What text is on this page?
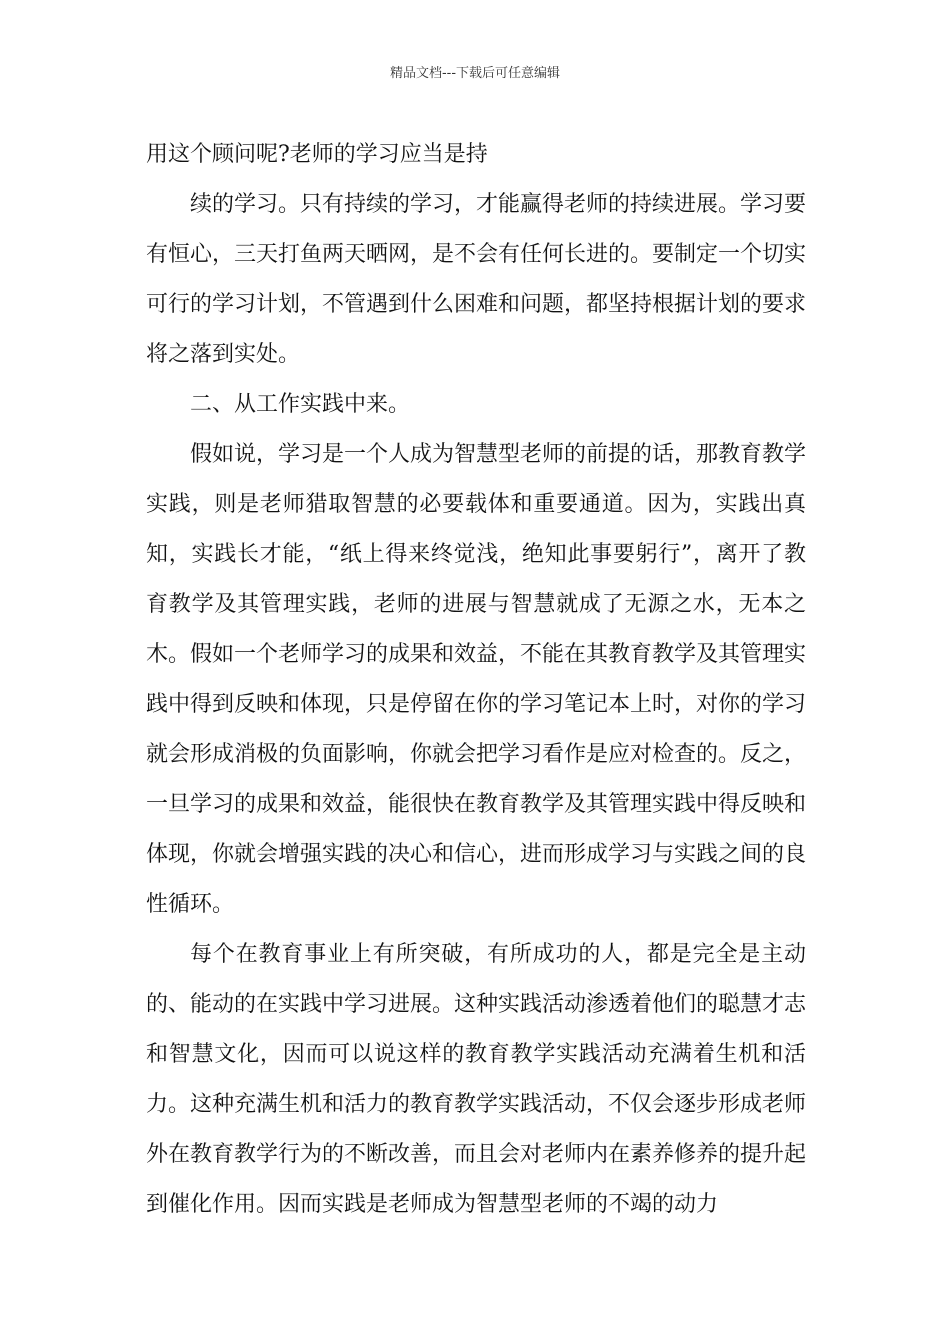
精品文档---下载后可任意编辑

用这个顾问呢?老师的学习应当是持

续的学习。只有持续的学习，才能赢得老师的持续进展。学习要有恒心，三天打鱼两天晒网，是不会有任何长进的。要制定一个切实可行的学习计划，不管遇到什么困难和问题，都坚持根据计划的要求将之落到实处。

二、从工作实践中来。

假如说，学习是一个人成为智慧型老师的前提的话，那教育教学实践，则是老师猎取智慧的必要载体和重要通道。因为，实践出真知，实践长才能，“纸上得来终觉浅，绝知此事要躬行”，离开了教育教学及其管理实践，老师的进展与智慧就成了无源之水，无本之木。假如一个老师学习的成果和效益，不能在其教育教学及其管理实践中得到反映和体现，只是停留在你的学习笔记本上时，对你的学习就会形成消极的负面影响，你就会把学习看作是应对检查的。反之，一旦学习的成果和效益，能很快在教育教学及其管理实践中得反映和体现，你就会增强实践的决心和信心，进而形成学习与实践之间的良性循环。

每个在教育事业上有所突破，有所成功的人，都是完全是主动的、能动的在实践中学习进展。这种实践活动渗透着他们的聪慧才志和智慧文化，因而可以说这样的教育教学实践活动充满着生机和活力。这种充满生机和活力的教育教学实践活动，不仅会逐步形成老师外在教育教学行为的不断改善，而且会对老师内在素养修养的提升起到催化作用。因而实践是老师成为智慧型老师的不竭的动力
